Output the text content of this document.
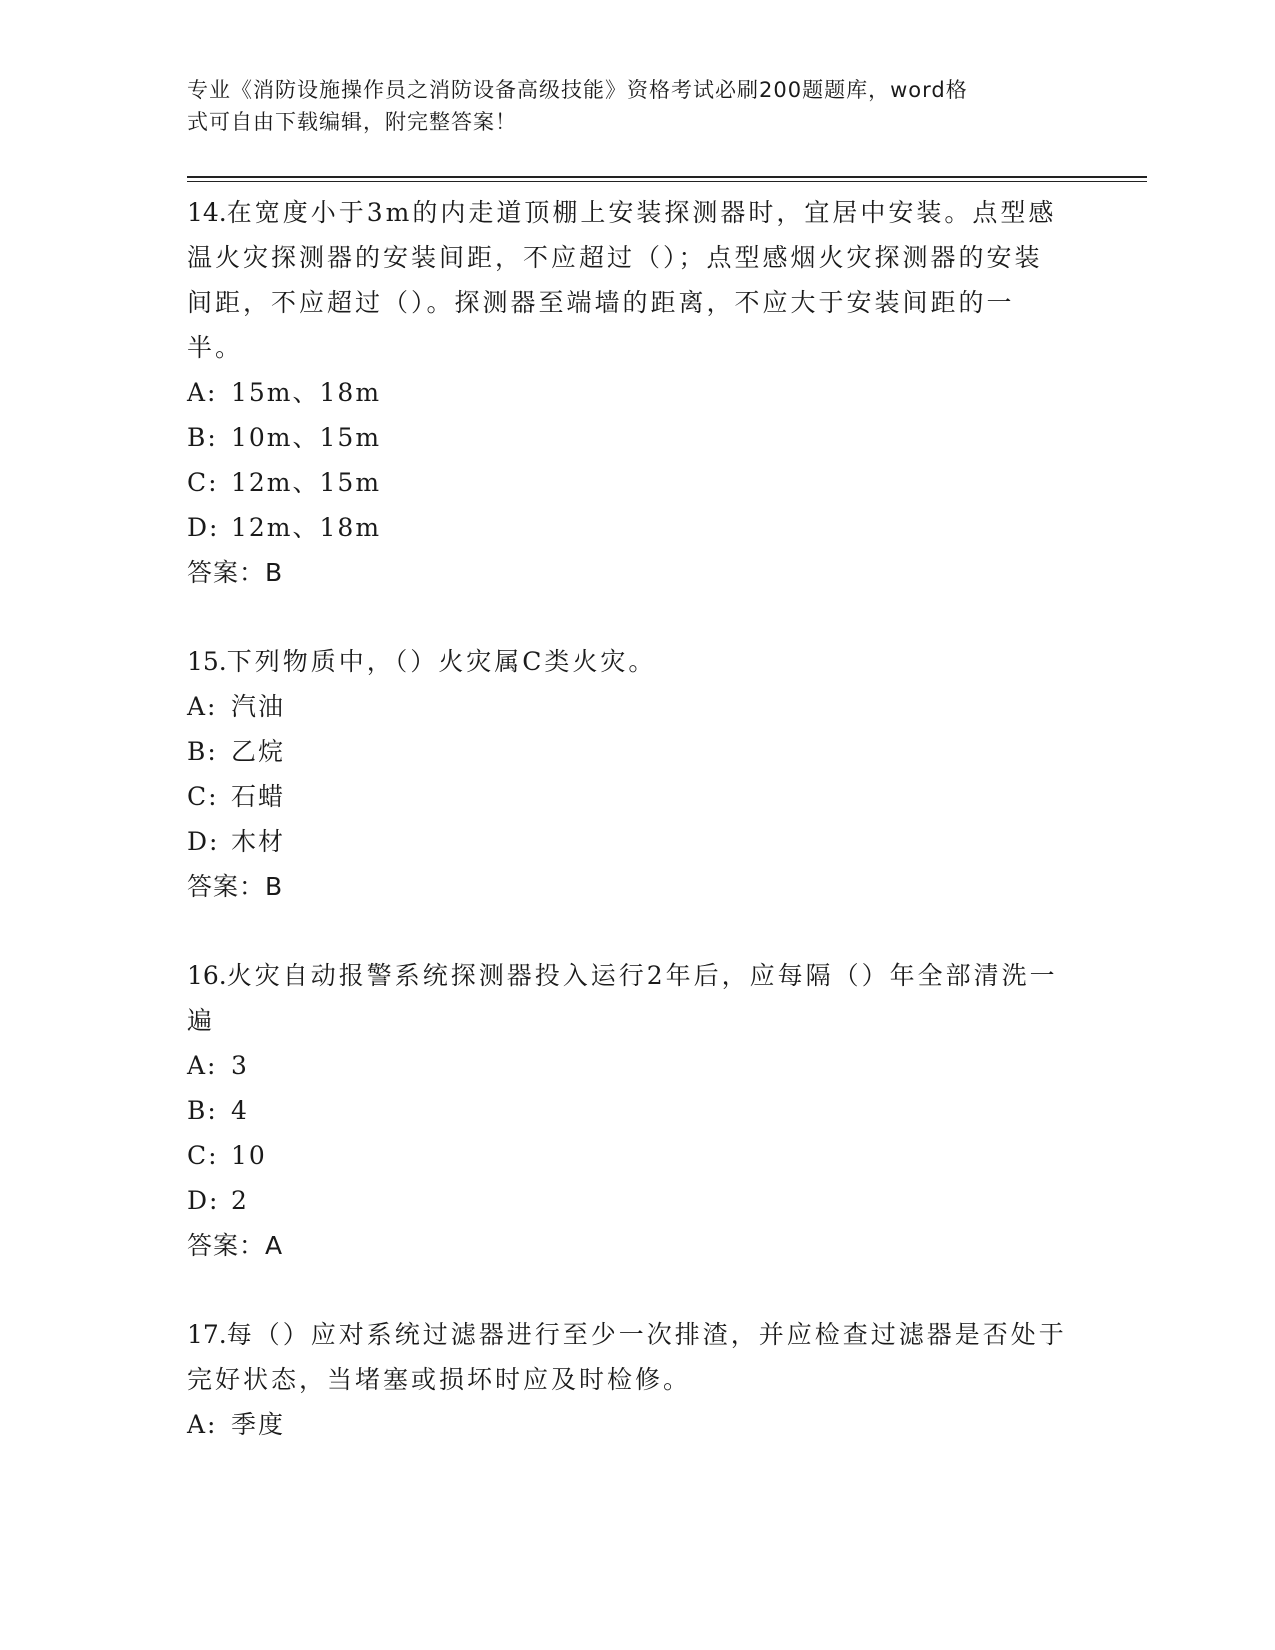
专业《消防设施操作员之消防设备高级技能》资格考试必刷200题题库，word格
式可自由下载编辑，附完整答案！

14.在宽度小于3m的内走道顶棚上安装探测器时，宜居中安装。点型感温火灾探测器的安装间距，不应超过（）；点型感烟火灾探测器的安装间距，不应超过（）。探测器至端墙的距离，不应大于安装间距的一半。

A: 15m、18m
B: 10m、15m
C: 12m、15m
D: 12m、18m
答案：B

15.下列物质中，（）火灾属C类火灾。

A: 汽油
B: 乙烷
C: 石蜡
D: 木材
答案：B

16.火灾自动报警系统探测器投入运行2年后，应每隔（）年全部清洗一遍

A: 3
B: 4
C: 10
D: 2
答案：A

17.每（）应对系统过滤器进行至少一次排渣，并应检查过滤器是否处于完好状态，当堵塞或损坏时应及时检修。

A: 季度
